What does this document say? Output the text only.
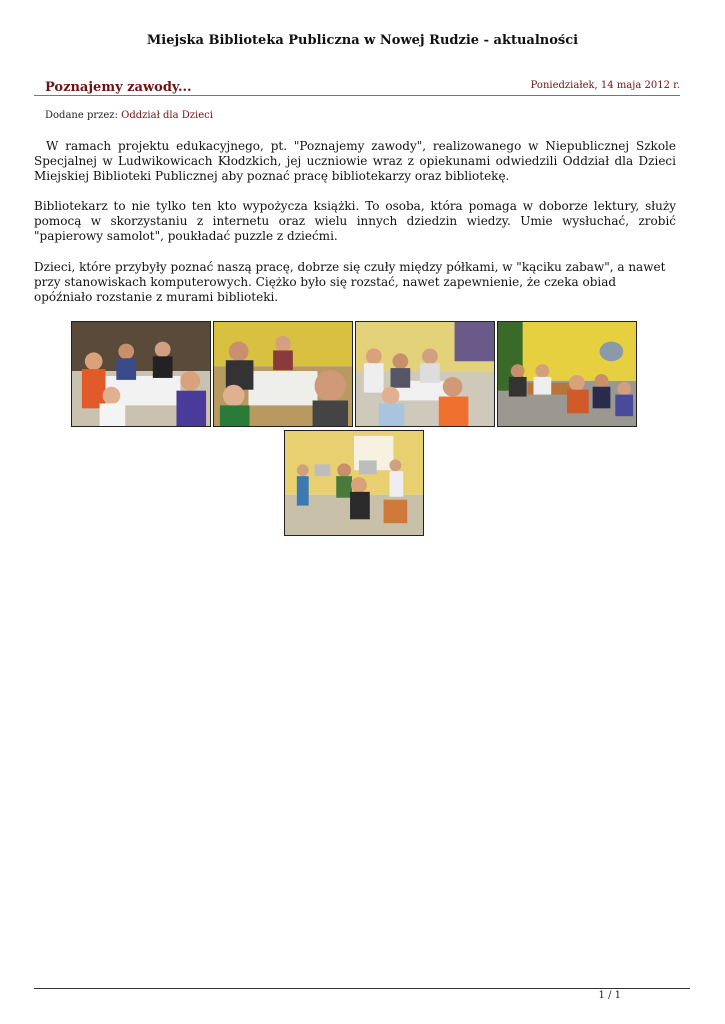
Miejska Biblioteka Publiczna w Nowej Rudzie - aktualności
Poznajemy zawody...	Poniedziałek, 14 maja 2012 r.
Dodane przez: Oddział dla Dzieci

W ramach projektu edukacyjnego, pt. "Poznajemy zawody", realizowanego w Niepublicznej Szkole Specjalnej w Ludwikowicach Kłodzkich, jej uczniowie wraz z opiekunami odwiedzili Oddział dla Dzieci Miejskiej Biblioteki Publicznej aby poznać pracę bibliotekarzy oraz bibliotekę.

Bibliotekarz to nie tylko ten kto wypożycza książki. To osoba, która pomaga w doborze lektury, służy pomocą w skorzystaniu z internetu oraz wielu innych dziedzin wiedzy. Umie wysłuchać, zrobić "papierowy samolot", poukładać puzzle z dziećmi.

Dzieci, które przybyły poznać naszą pracę, dobrze się czuły między półkami, w "kąciku zabaw", a nawet przy stanowiskach komputerowych. Ciężko było się rozstać, nawet zapewnienie, że czeka obiad opóźniało rozstanie z murami biblioteki.

1 / 1
